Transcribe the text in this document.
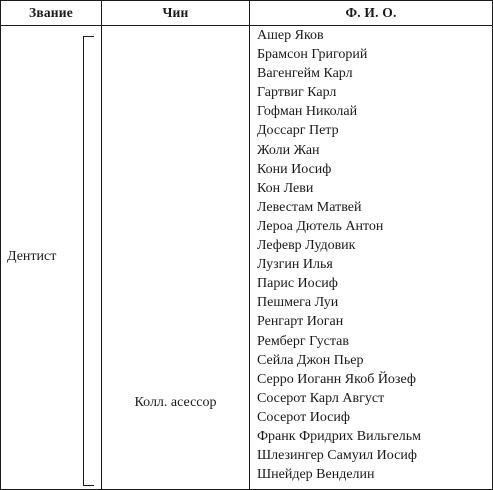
Звание	Чин	Ф. И. О.
Дентист
Колл. асессор
Ашер Яков
Брамсон Григорий
Вагенгейм Карл
Гартвиг Карл
Гофман Николай
Доссарг Петр
Жоли Жан
Кони Иосиф
Кон Леви
Левестам Матвей
Лероа Дютель Антон
Лефевр Лудовик
Лузгин Илья
Парис Иосиф
Пешмега Луи
Ренгарт Иоган
Ремберг Густав
Сейла Джон Пьер
Серро Иоганн Якоб Йозеф
Сосерот Карл Август
Сосерот Иосиф
Франк Фридрих Вильгельм
Шлезингер Самуил Иосиф
Шнейдер Венделин
